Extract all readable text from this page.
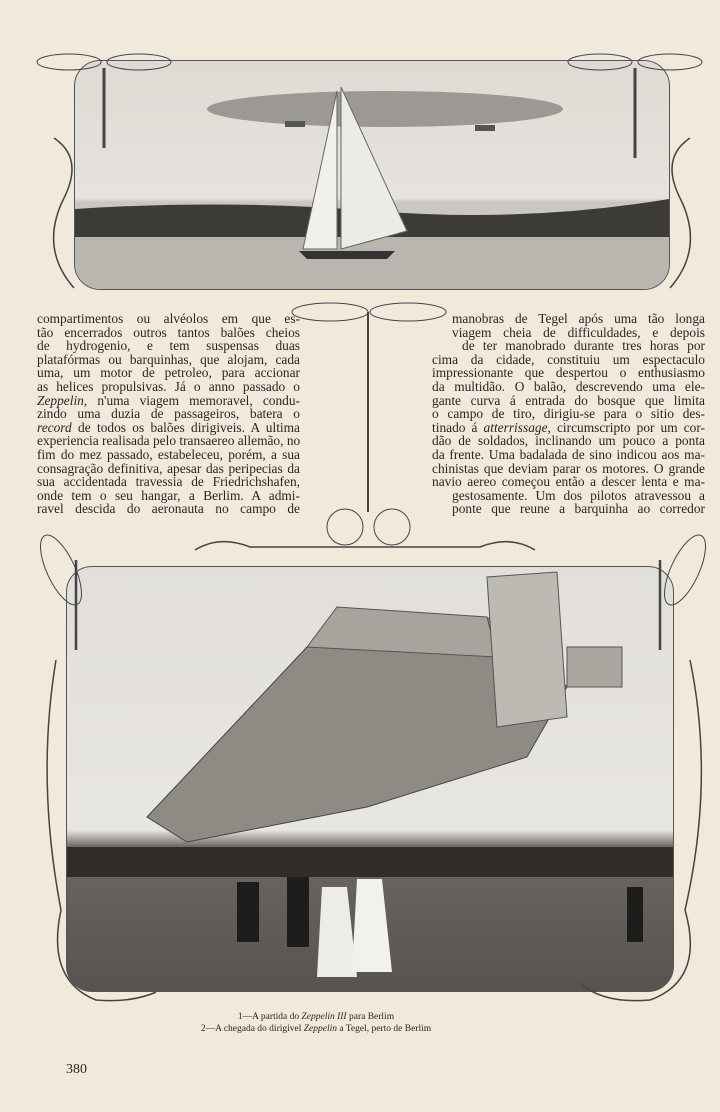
compartimentos ou alvéolos em que es-
tão encerrados outros tantos balões cheios
de hydrogenio, e tem suspensas duas
platafórmas ou barquinhas, que alojam, cada
uma, um motor de petroleo, para accionar
as helices propulsivas. Já o anno passado o
Zeppelin, n'uma viagem memoravel, condu-
zindo uma duzia de passageiros, batera o
record de todos os balões dirigiveis. A ultima
experiencia realisada pelo transaereo allemão, no
fim do mez passado, estabeleceu, porém, a sua
consagração definitiva, apesar das peripecias da
sua accidentada travessia de Friedrichshafen,
onde tem o seu hangar, a Berlim. A admi-
ravel descida do aeronauta no campo de
manobras de Tegel após uma tão longa
viagem cheia de difficuldades, e depois
de ter manobrado durante tres horas por
cima da cidade, constituiu um espectaculo
impressionante que despertou o enthusiasmo
da multidão. O balão, descrevendo uma ele-
gante curva á entrada do bosque que limita
o campo de tiro, dirigiu-se para o sitio des-
tinado á atterrissage, circumscripto por um cor-
dão de soldados, inclinando um pouco a ponta
da frente. Uma badalada de sino indicou aos ma-
chinistas que deviam parar os motores. O grande
navio aereo começou então a descer lenta e ma-
gestosamente. Um dos pilotos atravessou a
ponte que reune a barquinha ao corredor
1—A partida do Zeppelin III para Berlim
2—A chegada do dirigivel Zeppelin a Tegel, perto de Berlim
380
